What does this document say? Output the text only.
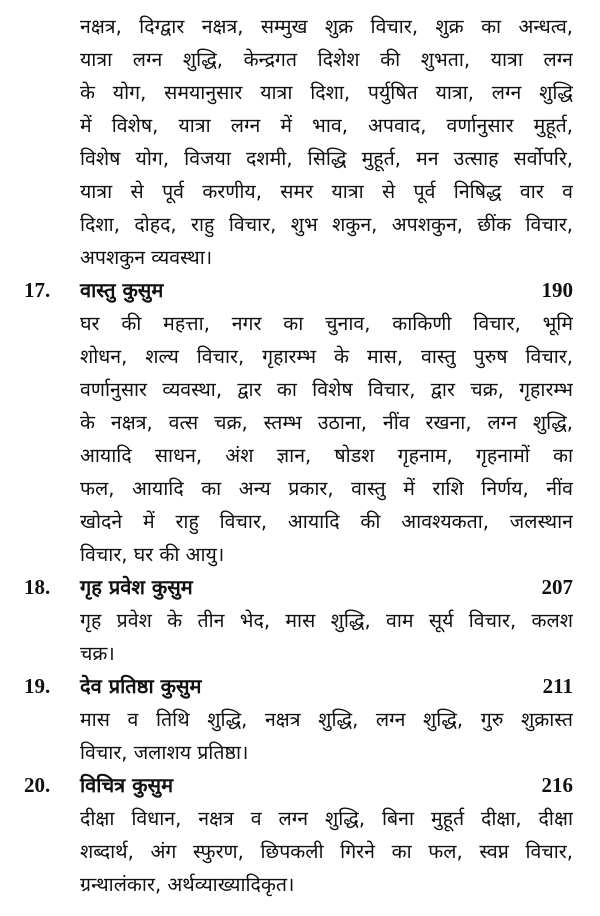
नक्षत्र, दिग्द्वार नक्षत्र, सम्मुख शुक्र विचार, शुक्र का अन्धत्व,
यात्रा लग्न शुद्धि, केन्द्रगत दिशेश की शुभता, यात्रा लग्न
के योग, समयानुसार यात्रा दिशा, पर्युषित यात्रा, लग्न शुद्धि
में विशेष, यात्रा लग्न में भाव, अपवाद, वर्णानुसार मुहूर्त,
विशेष योग, विजया दशमी, सिद्धि मुहूर्त, मन उत्साह सर्वोपरि,
यात्रा से पूर्व करणीय, समर यात्रा से पूर्व निषिद्ध वार व
दिशा, दोहद, राहु विचार, शुभ शकुन, अपशकुन, छींक विचार,
अपशकुन व्यवस्था।
17. वास्तु कुसुम	190
घर की महत्ता, नगर का चुनाव, काकिणी विचार, भूमि
शोधन, शल्य विचार, गृहारम्भ के मास, वास्तु पुरुष विचार,
वर्णानुसार व्यवस्था, द्वार का विशेष विचार, द्वार चक्र, गृहारम्भ
के नक्षत्र, वत्स चक्र, स्तम्भ उठाना, नींव रखना, लग्न शुद्धि,
आयादि साधन, अंश ज्ञान, षोडश गृहनाम, गृहनामों का
फल, आयादि का अन्य प्रकार, वास्तु में राशि निर्णय, नींव
खोदने में राहु विचार, आयादि की आवश्यकता, जलस्थान
विचार, घर की आयु।
18. गृह प्रवेश कुसुम	207
गृह प्रवेश के तीन भेद, मास शुद्धि, वाम सूर्य विचार, कलश
चक्र।
19. देव प्रतिष्ठा कुसुम	211
मास व तिथि शुद्धि, नक्षत्र शुद्धि, लग्न शुद्धि, गुरु शुक्रास्त
विचार, जलाशय प्रतिष्ठा।
20. विचित्र कुसुम	216
दीक्षा विधान, नक्षत्र व लग्न शुद्धि, बिना मुहूर्त दीक्षा, दीक्षा
शब्दार्थ, अंग स्फुरण, छिपकली गिरने का फल, स्वप्न विचार,
ग्रन्थालंकार, अर्थव्याख्यादिकृत।
